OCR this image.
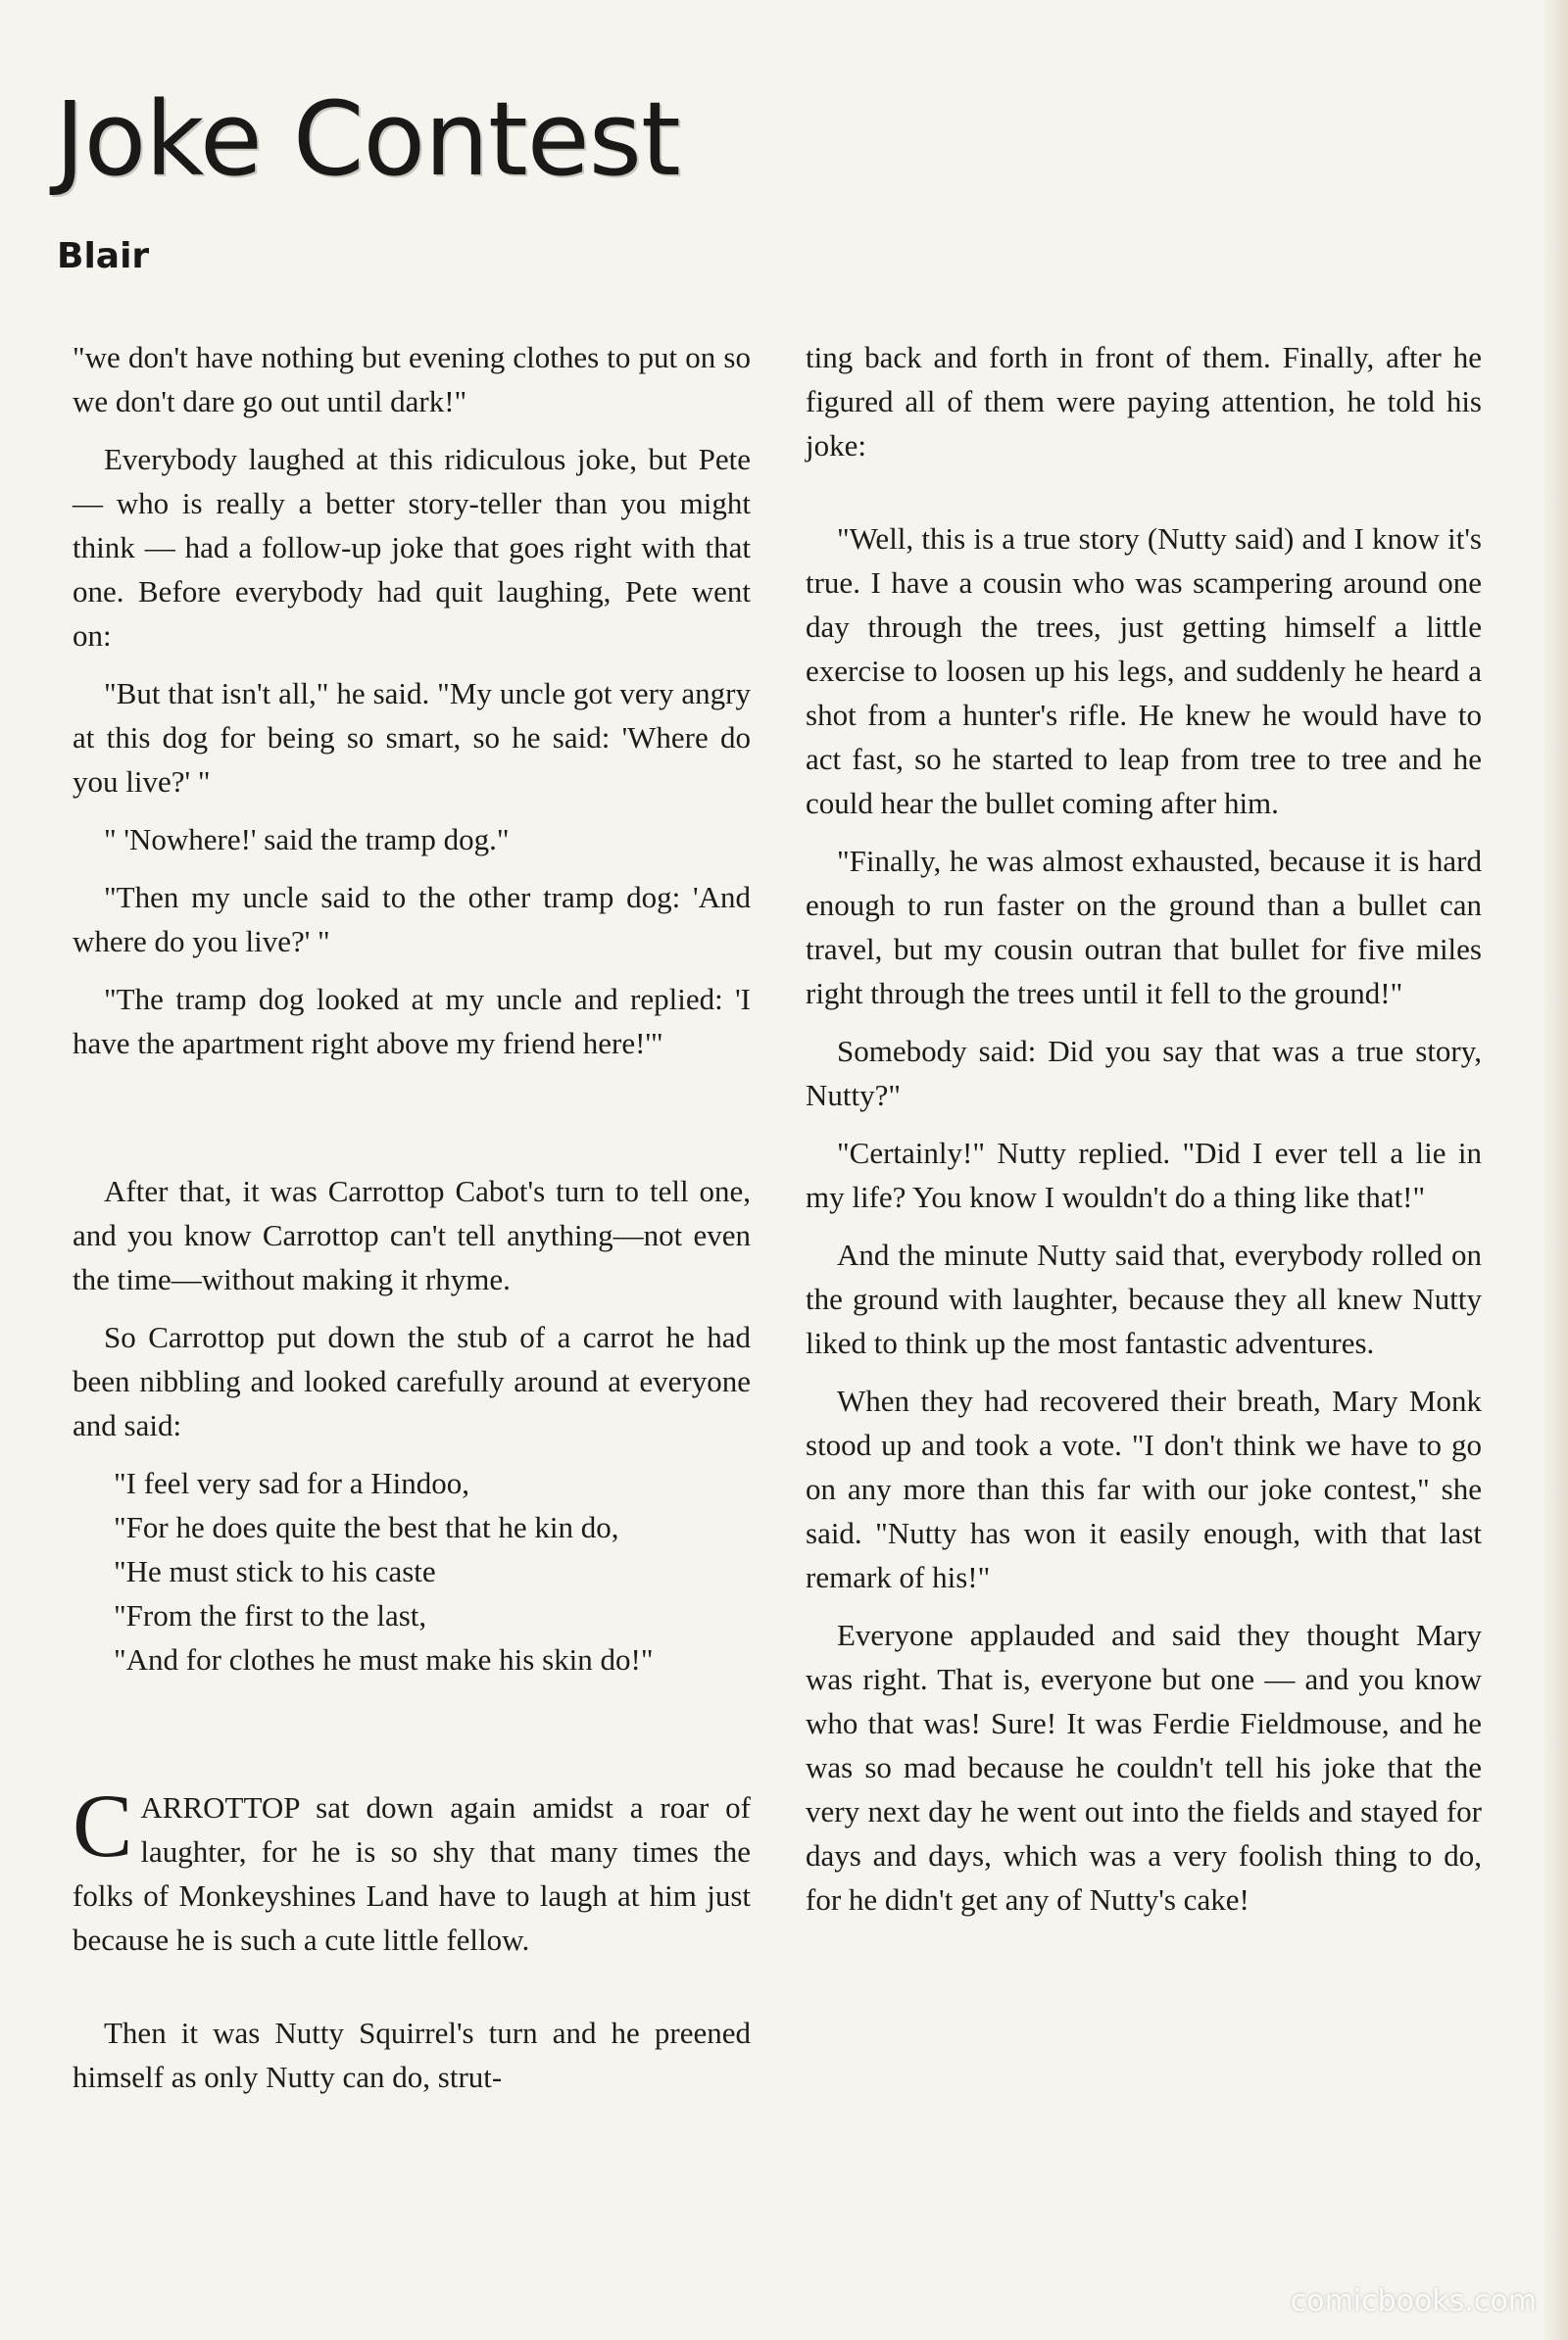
Joke Contest
Blair

"we don't have nothing but evening clothes to put on so we don't dare go out until dark!"

Everybody laughed at this ridiculous joke, but Pete — who is really a better story-teller than you might think — had a follow-up joke that goes right with that one. Before everybody had quit laughing, Pete went on:

"But that isn't all," he said. "My uncle got very angry at this dog for being so smart, so he said: 'Where do you live?' "

" 'Nowhere!' said the tramp dog."

"Then my uncle said to the other tramp dog: 'And where do you live?' "

"The tramp dog looked at my uncle and replied: 'I have the apartment right above my friend here!'"

After that, it was Carrottop Cabot's turn to tell one, and you know Carrottop can't tell anything—not even the time—without making it rhyme.

So Carrottop put down the stub of a carrot he had been nibbling and looked carefully around at everyone and said:

"I feel very sad for a Hindoo,
"For he does quite the best that he kin do,
"He must stick to his caste
"From the first to the last,
"And for clothes he must make his skin do!"

CARROTTOP sat down again amidst a roar of laughter, for he is so shy that many times the folks of Monkeyshines Land have to laugh at him just because he is such a cute little fellow.

Then it was Nutty Squirrel's turn and he preened himself as only Nutty can do, strut-

ting back and forth in front of them. Finally, after he figured all of them were paying attention, he told his joke:

"Well, this is a true story (Nutty said) and I know it's true. I have a cousin who was scampering around one day through the trees, just getting himself a little exercise to loosen up his legs, and suddenly he heard a shot from a hunter's rifle. He knew he would have to act fast, so he started to leap from tree to tree and he could hear the bullet coming after him.

"Finally, he was almost exhausted, because it is hard enough to run faster on the ground than a bullet can travel, but my cousin outran that bullet for five miles right through the trees until it fell to the ground!"

Somebody said: Did you say that was a true story, Nutty?"

"Certainly!" Nutty replied. "Did I ever tell a lie in my life? You know I wouldn't do a thing like that!"

And the minute Nutty said that, everybody rolled on the ground with laughter, because they all knew Nutty liked to think up the most fantastic adventures.

When they had recovered their breath, Mary Monk stood up and took a vote. "I don't think we have to go on any more than this far with our joke contest," she said. "Nutty has won it easily enough, with that last remark of his!"

Everyone applauded and said they thought Mary was right. That is, everyone but one — and you know who that was! Sure! It was Ferdie Fieldmouse, and he was so mad because he couldn't tell his joke that the very next day he went out into the fields and stayed for days and days, which was a very foolish thing to do, for he didn't get any of Nutty's cake!

comicbooks.com
